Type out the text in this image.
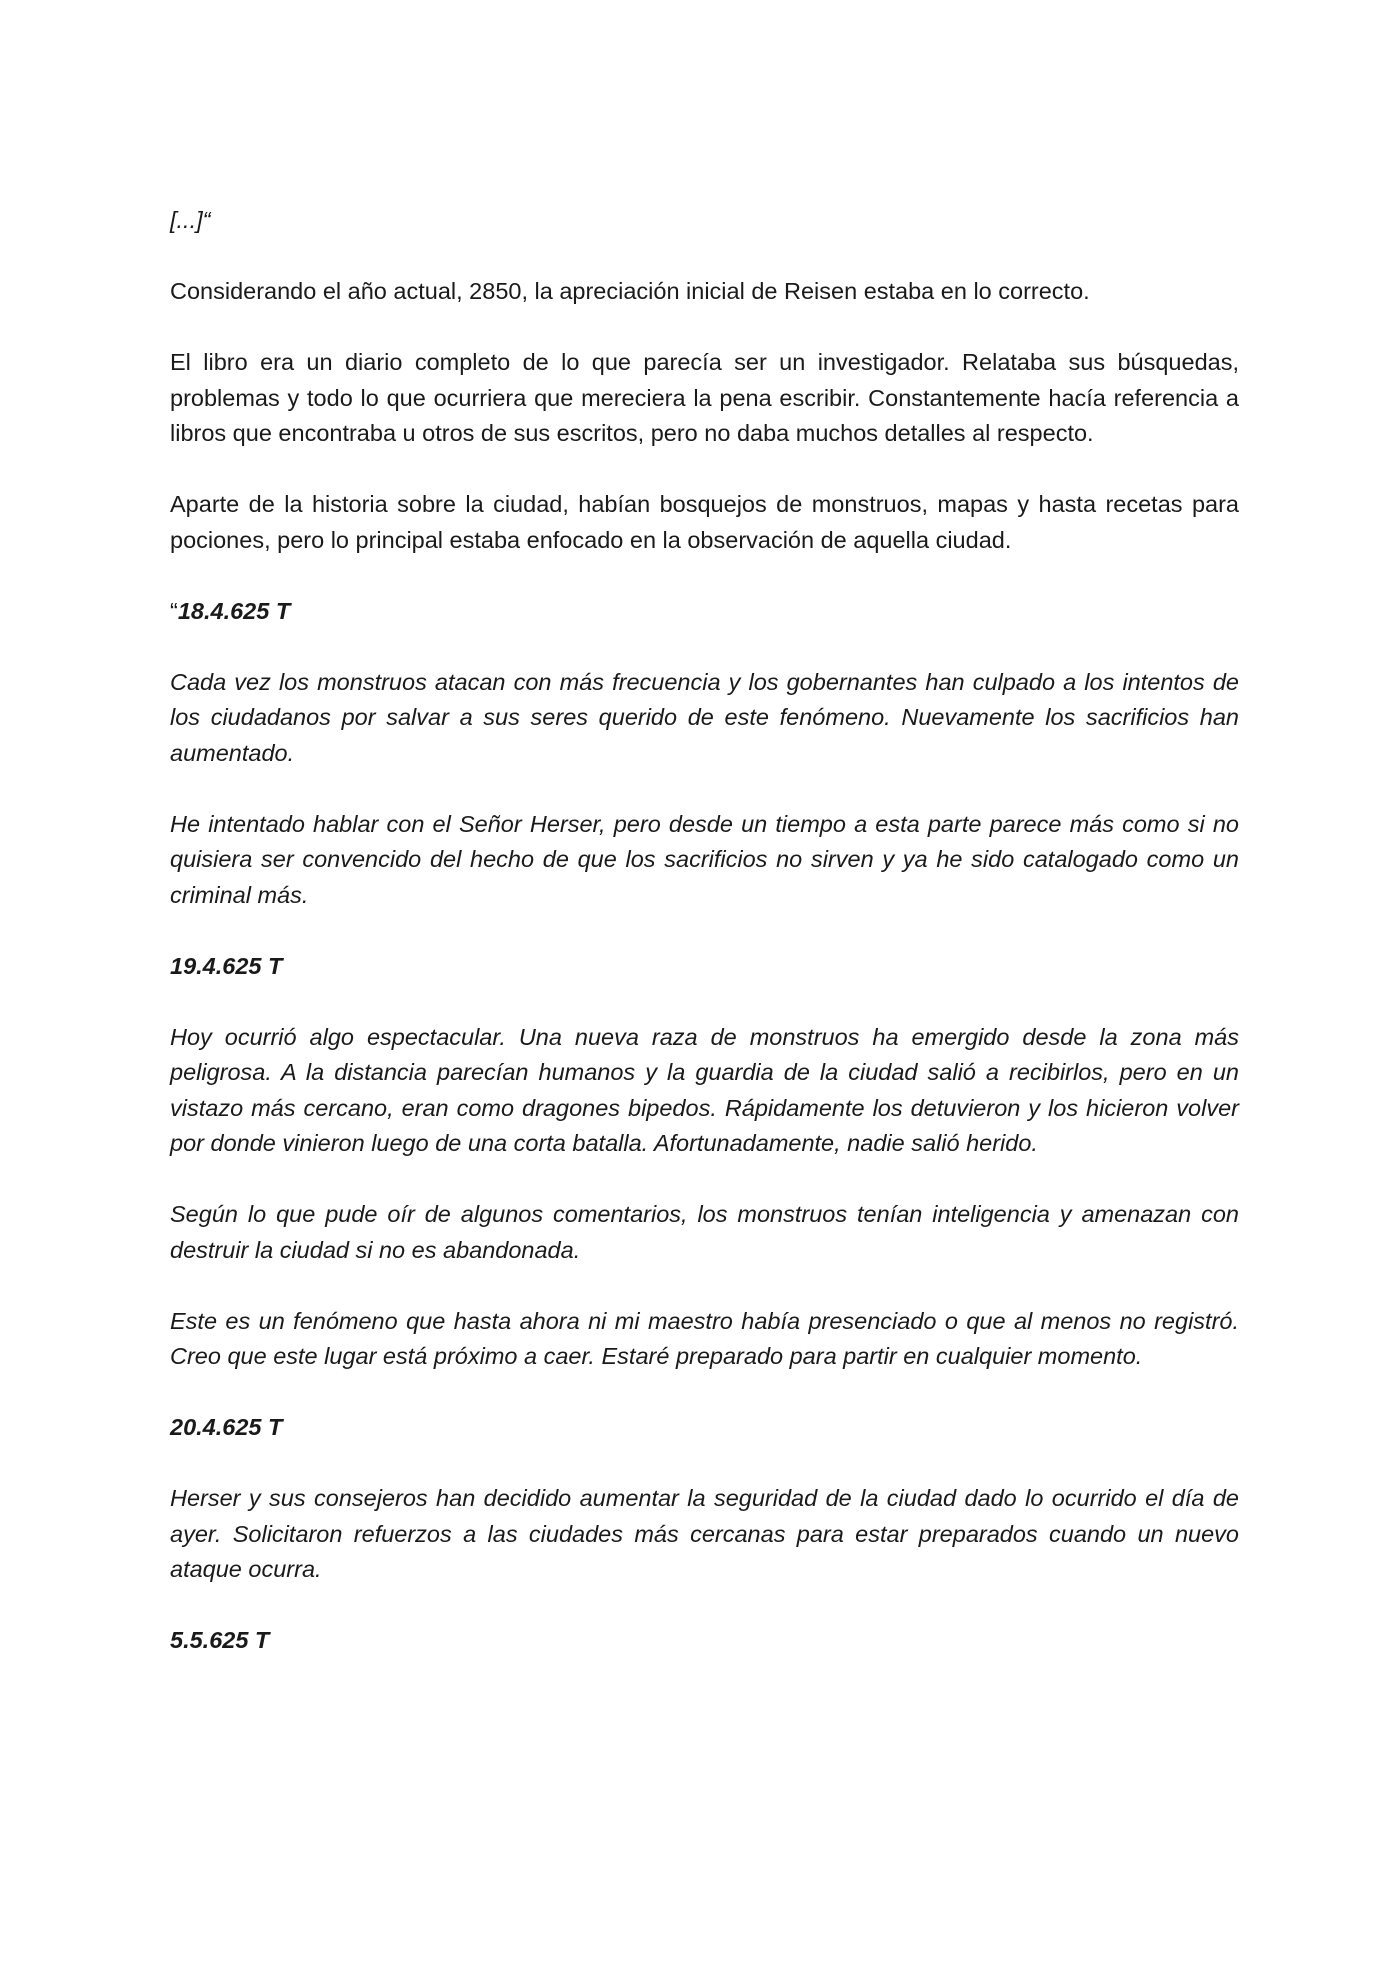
[...]“

Considerando el año actual, 2850, la apreciación inicial de Reisen estaba en lo correcto.

El libro era un diario completo de lo que parecía ser un investigador. Relataba sus búsquedas, problemas y todo lo que ocurriera que mereciera la pena escribir. Constantemente hacía referencia a libros que encontraba u otros de sus escritos, pero no daba muchos detalles al respecto.

Aparte de la historia sobre la ciudad, habían bosquejos de monstruos, mapas y hasta recetas para pociones, pero lo principal estaba enfocado en la observación de aquella ciudad.

“18.4.625 T

Cada vez los monstruos atacan con más frecuencia y los gobernantes han culpado a los intentos de los ciudadanos por salvar a sus seres querido de este fenómeno. Nuevamente los sacrificios han aumentado.

He intentado hablar con el Señor Herser, pero desde un tiempo a esta parte parece más como si no quisiera ser convencido del hecho de que los sacrificios no sirven y ya he sido catalogado como un criminal más.

19.4.625 T

Hoy ocurrió algo espectacular. Una nueva raza de monstruos ha emergido desde la zona más peligrosa. A la distancia parecían humanos y la guardia de la ciudad salió a recibirlos, pero en un vistazo más cercano, eran como dragones bipedos. Rápidamente los detuvieron y los hicieron volver por donde vinieron luego de una corta batalla. Afortunadamente, nadie salió herido.

Según lo que pude oír de algunos comentarios, los monstruos tenían inteligencia y amenazan con destruir la ciudad si no es abandonada.

Este es un fenómeno que hasta ahora ni mi maestro había presenciado o que al menos no registró. Creo que este lugar está próximo a caer. Estaré preparado para partir en cualquier momento.

20.4.625 T

Herser y sus consejeros han decidido aumentar la seguridad de la ciudad dado lo ocurrido el día de ayer. Solicitaron refuerzos a las ciudades más cercanas para estar preparados cuando un nuevo ataque ocurra.

5.5.625 T
